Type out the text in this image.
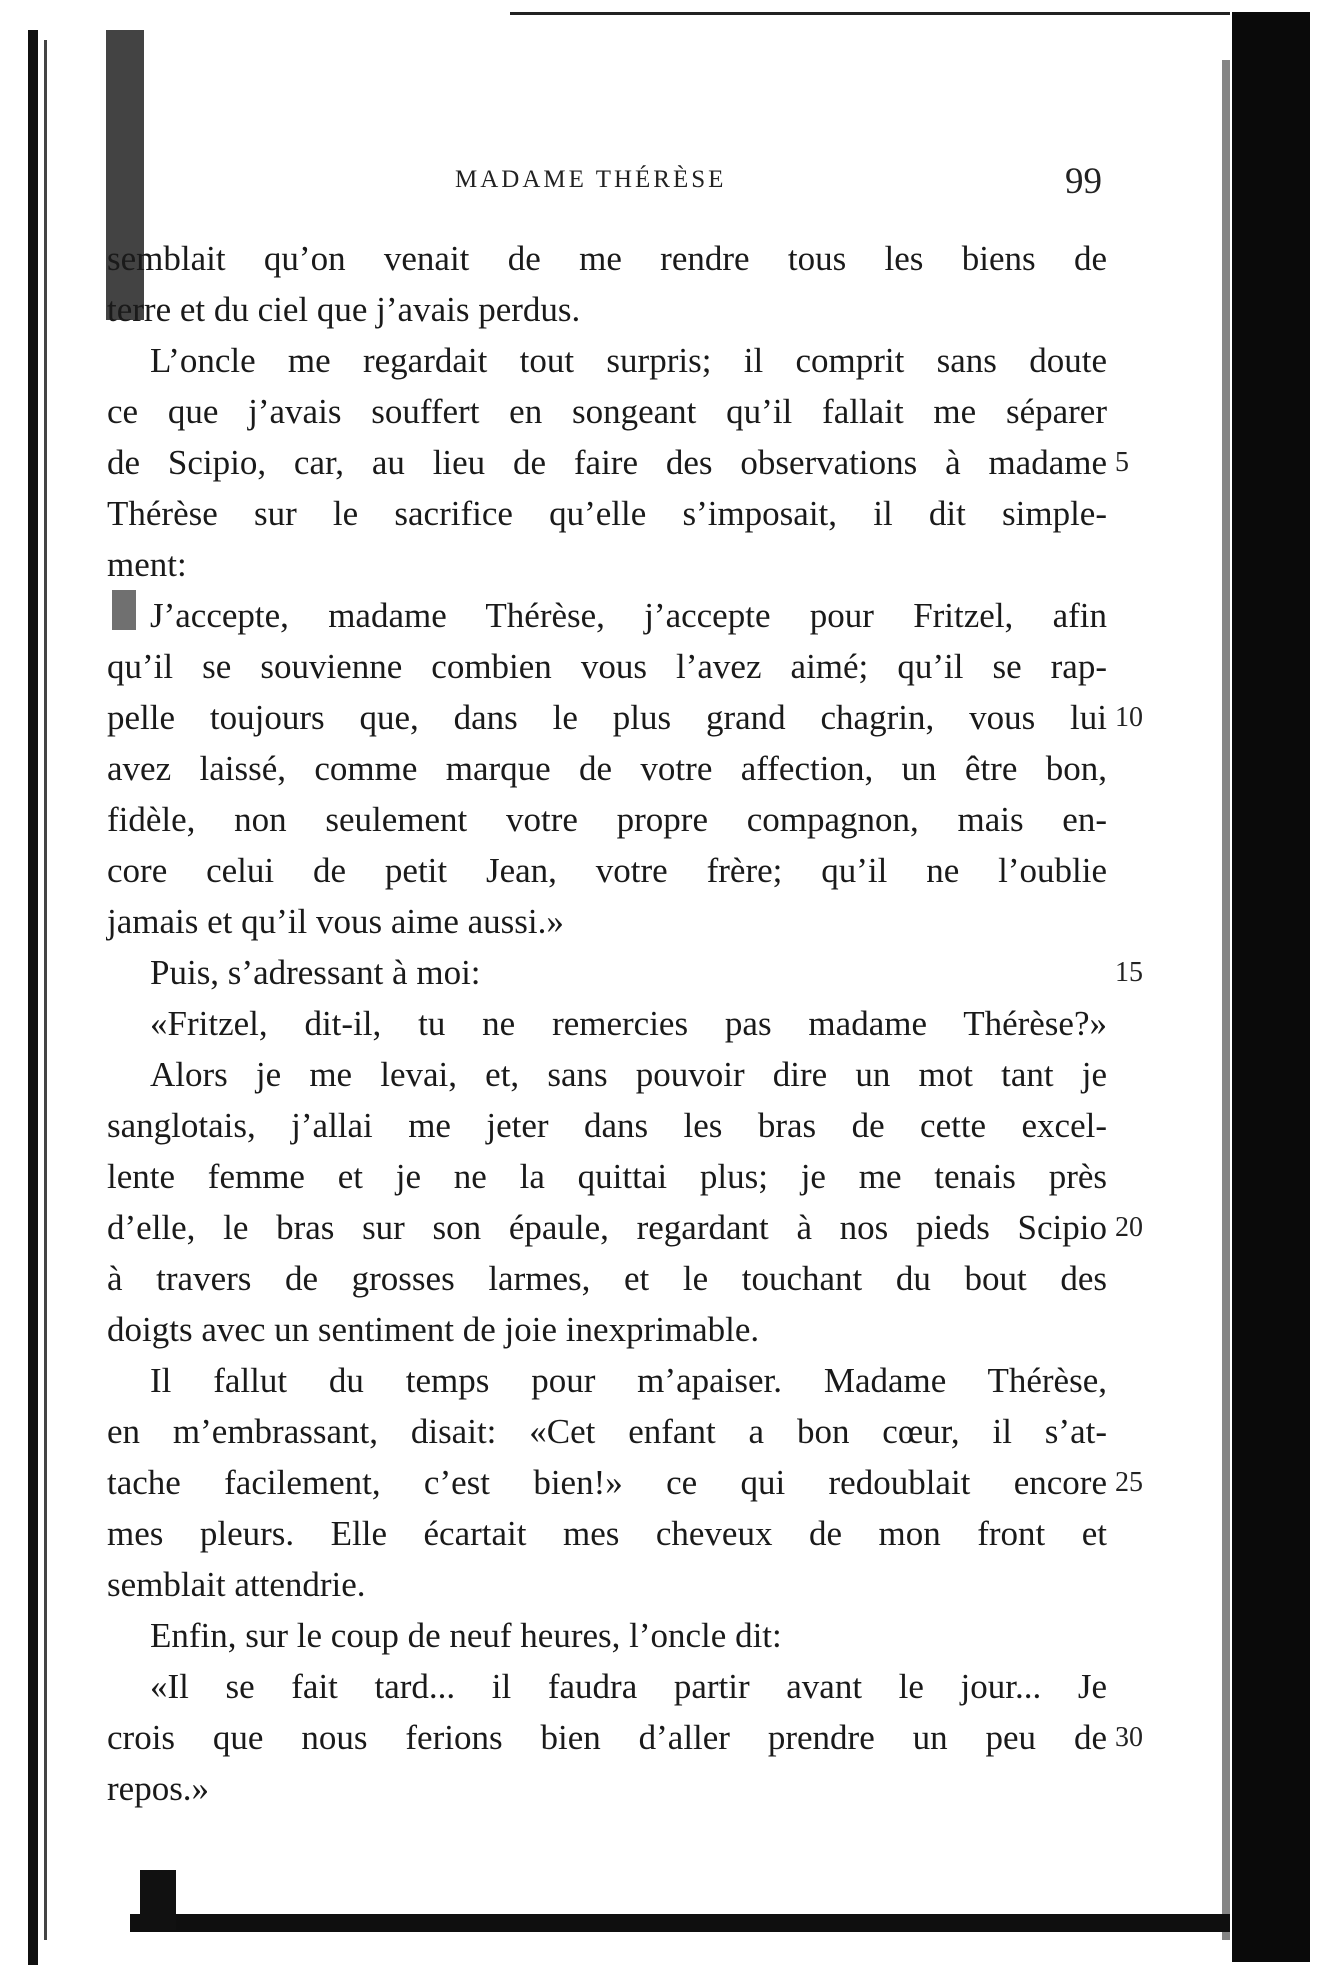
MADAME THÉRÈSE	99
semblait qu’on venait de me rendre tous les biens de
terre et du ciel que j’avais perdus.
L’oncle me regardait tout surpris; il comprit sans doute
ce que j’avais souffert en songeant qu’il fallait me séparer
de Scipio, car, au lieu de faire des observations à madame
Thérèse sur le sacrifice qu’elle s’imposait, il dit simple-
ment:
J’accepte, madame Thérèse, j’accepte pour Fritzel, afin
qu’il se souvienne combien vous l’avez aimé; qu’il se rap-
pelle toujours que, dans le plus grand chagrin, vous lui
avez laissé, comme marque de votre affection, un être bon,
fidèle, non seulement votre propre compagnon, mais en-
core celui de petit Jean, votre frère; qu’il ne l’oublie
jamais et qu’il vous aime aussi.»
Puis, s’adressant à moi:
«Fritzel, dit-il, tu ne remercies pas madame Thérèse?»
Alors je me levai, et, sans pouvoir dire un mot tant je
sanglotais, j’allai me jeter dans les bras de cette excel-
lente femme et je ne la quittai plus; je me tenais près
d’elle, le bras sur son épaule, regardant à nos pieds Scipio
à travers de grosses larmes, et le touchant du bout des
doigts avec un sentiment de joie inexprimable.
Il fallut du temps pour m’apaiser. Madame Thérèse,
en m’embrassant, disait: «Cet enfant a bon cœur, il s’at-
tache facilement, c’est bien!» ce qui redoublait encore
mes pleurs. Elle écartait mes cheveux de mon front et
semblait attendrie.
Enfin, sur le coup de neuf heures, l’oncle dit:
«Il se fait tard... il faudra partir avant le jour... Je
crois que nous ferions bien d’aller prendre un peu de
repos.»
5
10
15
20
25
30
